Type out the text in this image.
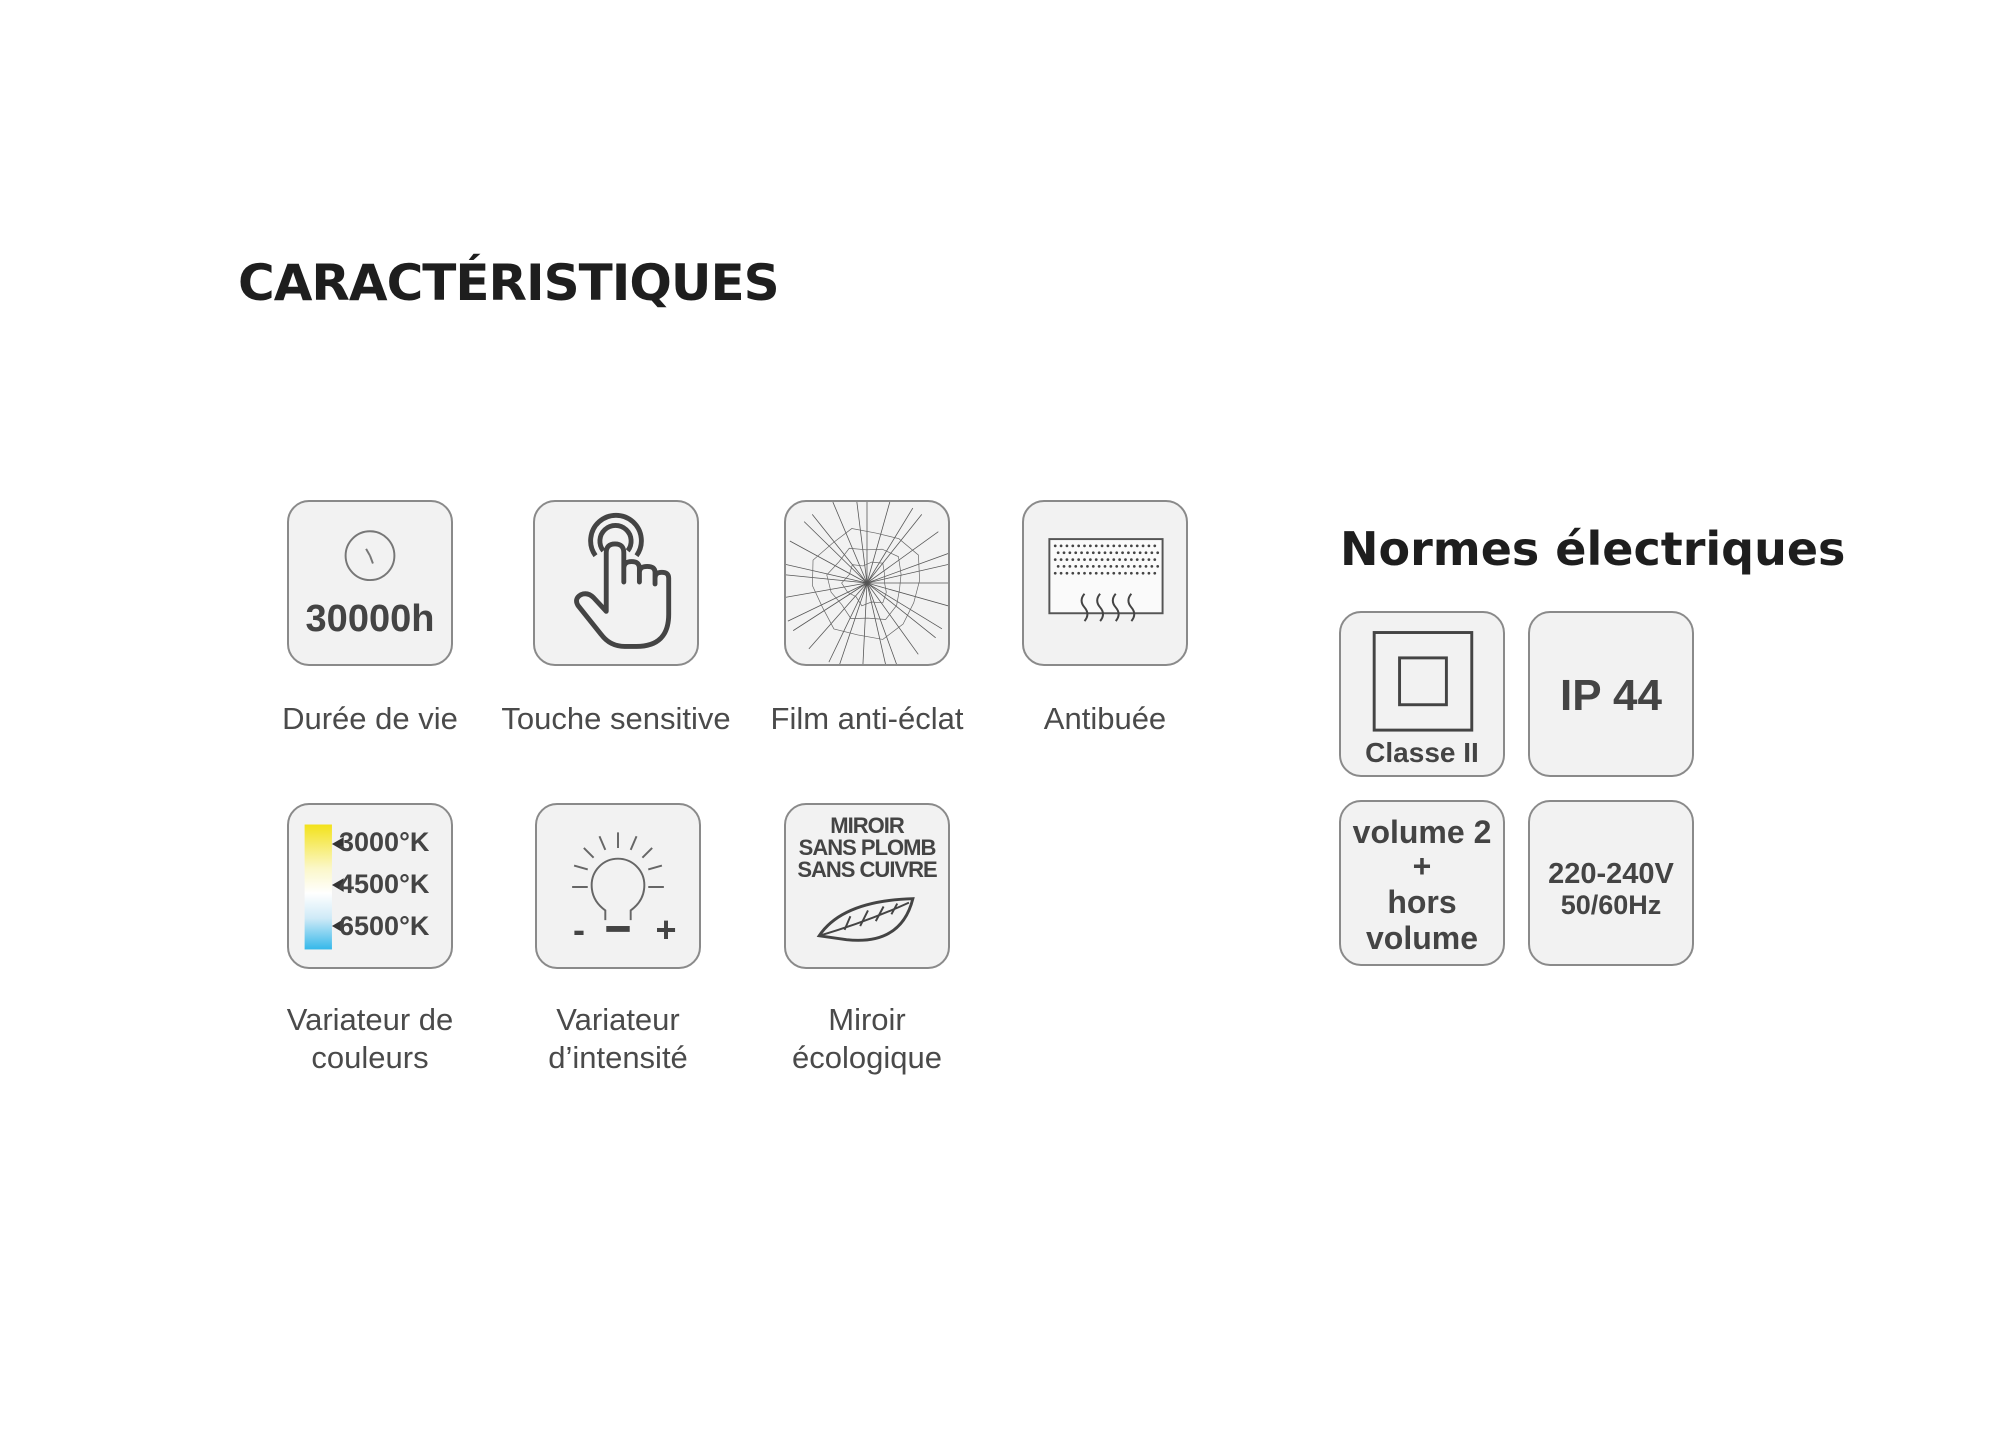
CARACTÉRISTIQUES
30000h
Durée de vie	Touche sensitive	Film anti-éclat	Antibuée
3000°K
4500°K
6500°K
Variateur de
couleurs
- +
Variateur
d’intensité
MIROIR
SANS PLOMB
SANS CUIVRE
Miroir
écologique
Normes électriques
Classe II
IP 44
volume 2
+
hors
volume
220-240V
50/60Hz
